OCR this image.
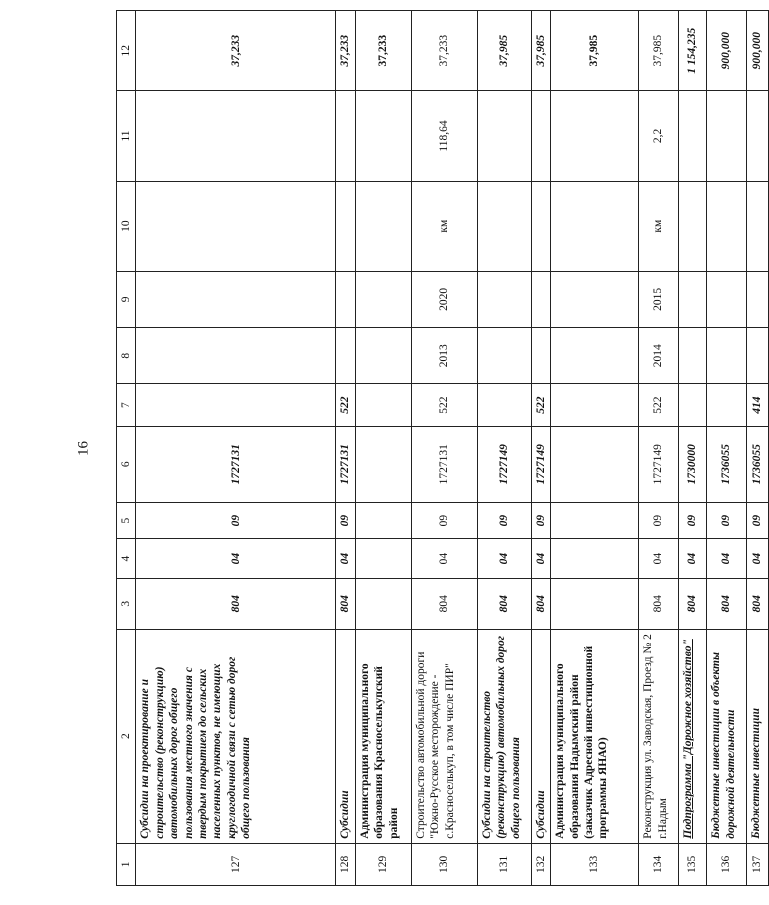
16
1	2	3	4	5	6	7	8	9	10	11	12
127	Субсидии на проектирование и строительство (реконструкцию) автомобильных дорог общего пользования местного значения с твердым покрытием до сельских населенных пунктов, не имеющих круглогодичной связи с сетью дорог общего пользования	804	04	09	1727131						37,233
128	Субсидии	804	04	09	1727131	522					37,233
129	Администрация муниципального образования Красноселькупский район										37,233
130	Строительство автомобильной дороги "Южно-Русское месторождение - с.Красноселькуп, в том числе ПИР"	804	04	09	1727131	522	2013	2020	км	118,64	37,233
131	Субсидии на строительство (реконструкцию) автомобильных дорог общего пользования	804	04	09	1727149						37,985
132	Субсидии	804	04	09	1727149	522					37,985
133	Администрация муниципального образования Надымский район (заказчик Адресной инвестиционной программы ЯНАО)										37,985
134	Реконструкция ул. Заводская, Проезд № 2 г.Надым	804	04	09	1727149	522	2014	2015	км	2,2	37,985
135	Подпрограмма "Дорожное хозяйство"	804	04	09	1730000						1 154,235
136	Бюджетные инвестиции в объекты дорожной деятельности	804	04	09	1736055						900,000
137	Бюджетные инвестиции	804	04	09	1736055	414					900,000
